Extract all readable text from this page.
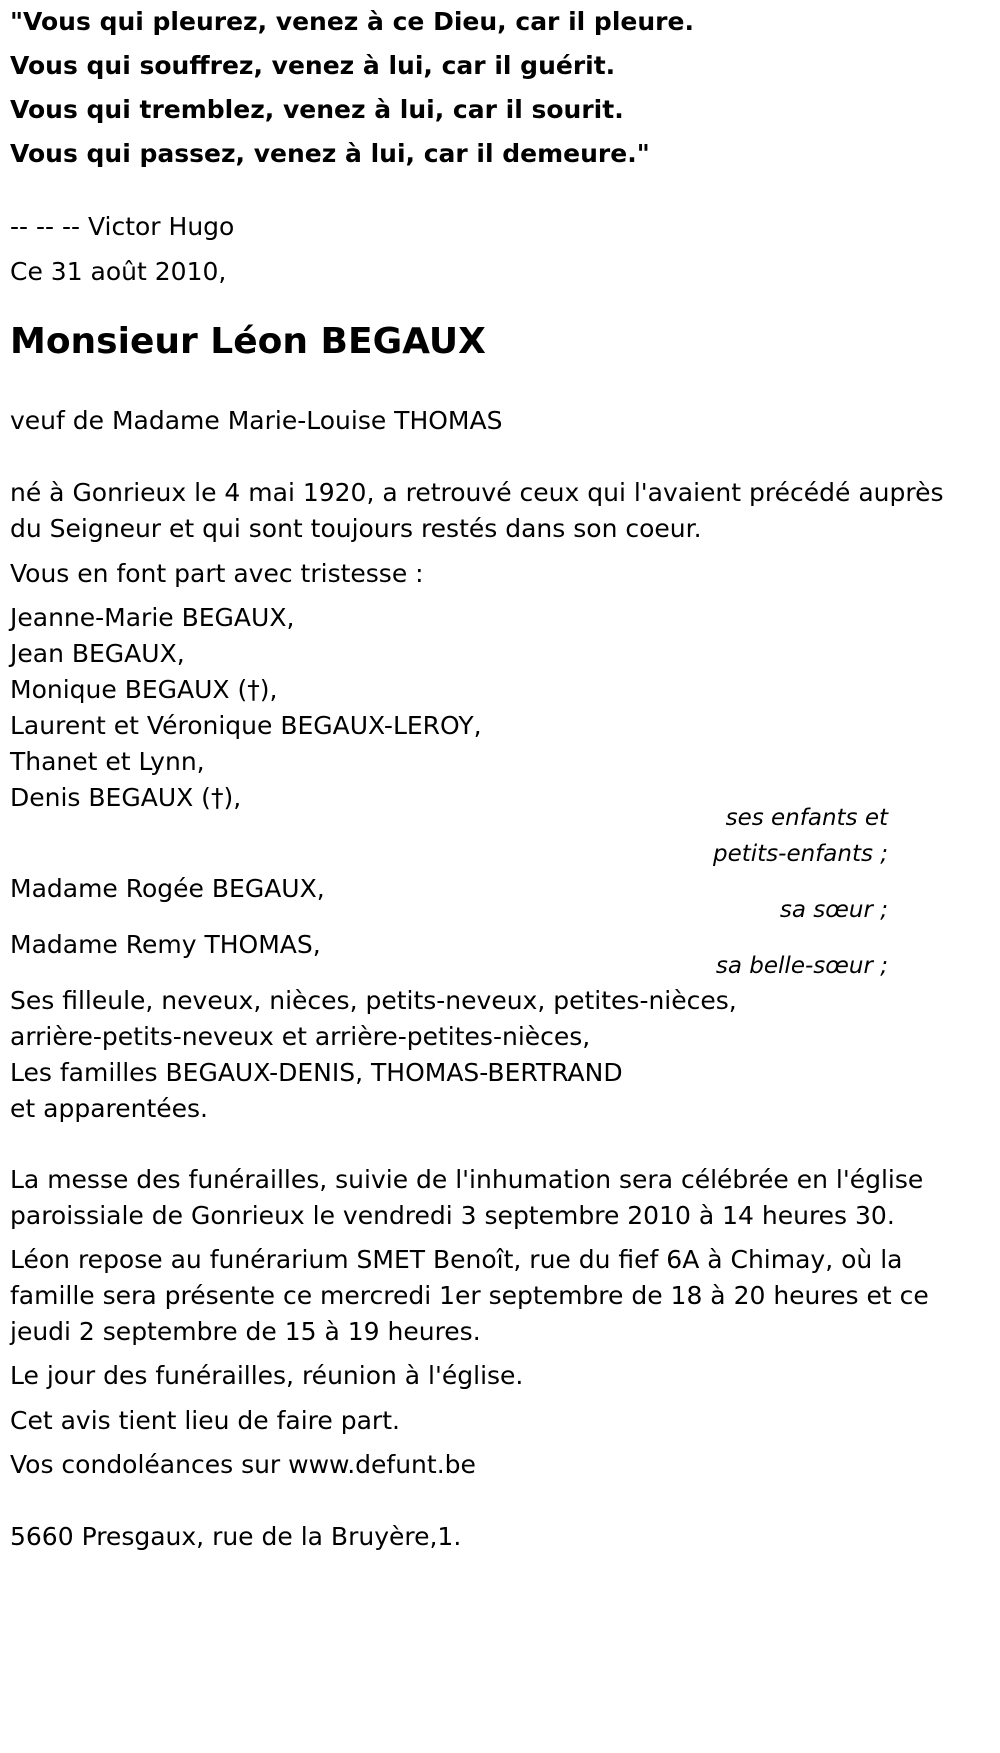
"Vous qui pleurez, venez à ce Dieu, car il pleure.
Vous qui souffrez, venez à lui, car il guérit.
Vous qui tremblez, venez à lui, car il sourit.
Vous qui passez, venez à lui, car il demeure."
-- -- -- Victor Hugo
Ce 31 août 2010,
Monsieur Léon BEGAUX
veuf de Madame Marie-Louise THOMAS
né à Gonrieux le 4 mai 1920, a retrouvé ceux qui l'avaient précédé auprès
du Seigneur et qui sont toujours restés dans son coeur.
Vous en font part avec tristesse :
Jeanne-Marie BEGAUX,
Jean BEGAUX,
Monique BEGAUX (†),
Laurent et Véronique BEGAUX-LEROY,
Thanet et Lynn,
Denis BEGAUX (†),
ses enfants et
petits-enfants ;
Madame Rogée BEGAUX,
sa sœur ;
Madame Remy THOMAS,
sa belle-sœur ;
Ses filleule, neveux, nièces, petits-neveux, petites-nièces,
arrière-petits-neveux et arrière-petites-nièces,
Les familles BEGAUX-DENIS, THOMAS-BERTRAND
et apparentées.
La messe des funérailles, suivie de l'inhumation sera célébrée en l'église
paroissiale de Gonrieux le vendredi 3 septembre 2010 à 14 heures 30.
Léon repose au funérarium SMET Benoît, rue du fief 6A à Chimay, où la
famille sera présente ce mercredi 1er septembre de 18 à 20 heures et ce
jeudi 2 septembre de 15 à 19 heures.
Le jour des funérailles, réunion à l'église.
Cet avis tient lieu de faire part.
Vos condoléances sur www.defunt.be
5660 Presgaux, rue de la Bruyère,1.
